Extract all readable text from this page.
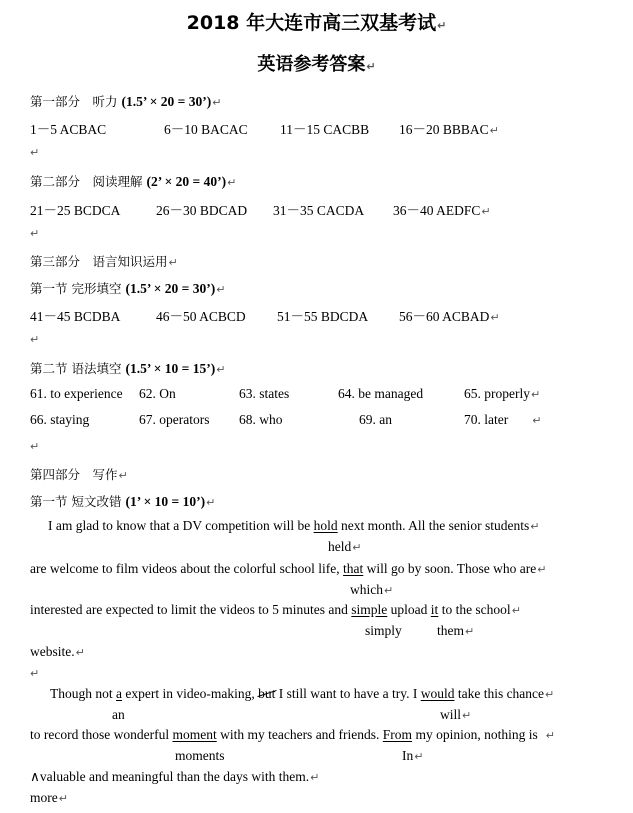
2018 年大连市高三双基考试↵
英语参考答案↵
第一部分　听力 (1.5’ × 20 = 30’)↵
1－5 ACBAC	6－10 BACAC 11－15 CACBB 16－20 BBBAC↵
↵
第二部分　阅读理解 (2’ × 20 = 40’)↵
21－25 BCDCA	26－30 BDCAD 31－35 CACDA 36－40 AEDFC↵
↵
第三部分　语言知识运用↵
第一节 完形填空 (1.5’ × 20 = 30’)↵
41－45 BCDBA	46－50 ACBCD 51－55 BDCDA 56－60 ACBAD↵
↵
第二节 语法填空 (1.5’ × 10 = 15’)↵
61. to experience 62. On	63. states	64. be managed	65. properly↵
66. staying	67. operators 68. who	69. an	70. later ↵
↵
第四部分　写作↵
第一节 短文改错 (1’ × 10 = 10’)↵
I am glad to know that a DV competition will be hold next month. All the senior students↵
held↵
are welcome to film videos about the colorful school life, that will go by soon. Those who are↵
which↵
interested are expected to limit the videos to 5 minutes and simple upload it to the school↵
simply	them↵
website.↵
↵
Though not a expert in video-making, but I still want to have a try. I would take this chance↵
an	will↵
to record those wonderful moment with my teachers and friends. From my opinion, nothing is ↵
moments	In↵
∧valuable and meaningful than the days with them.↵
more↵
